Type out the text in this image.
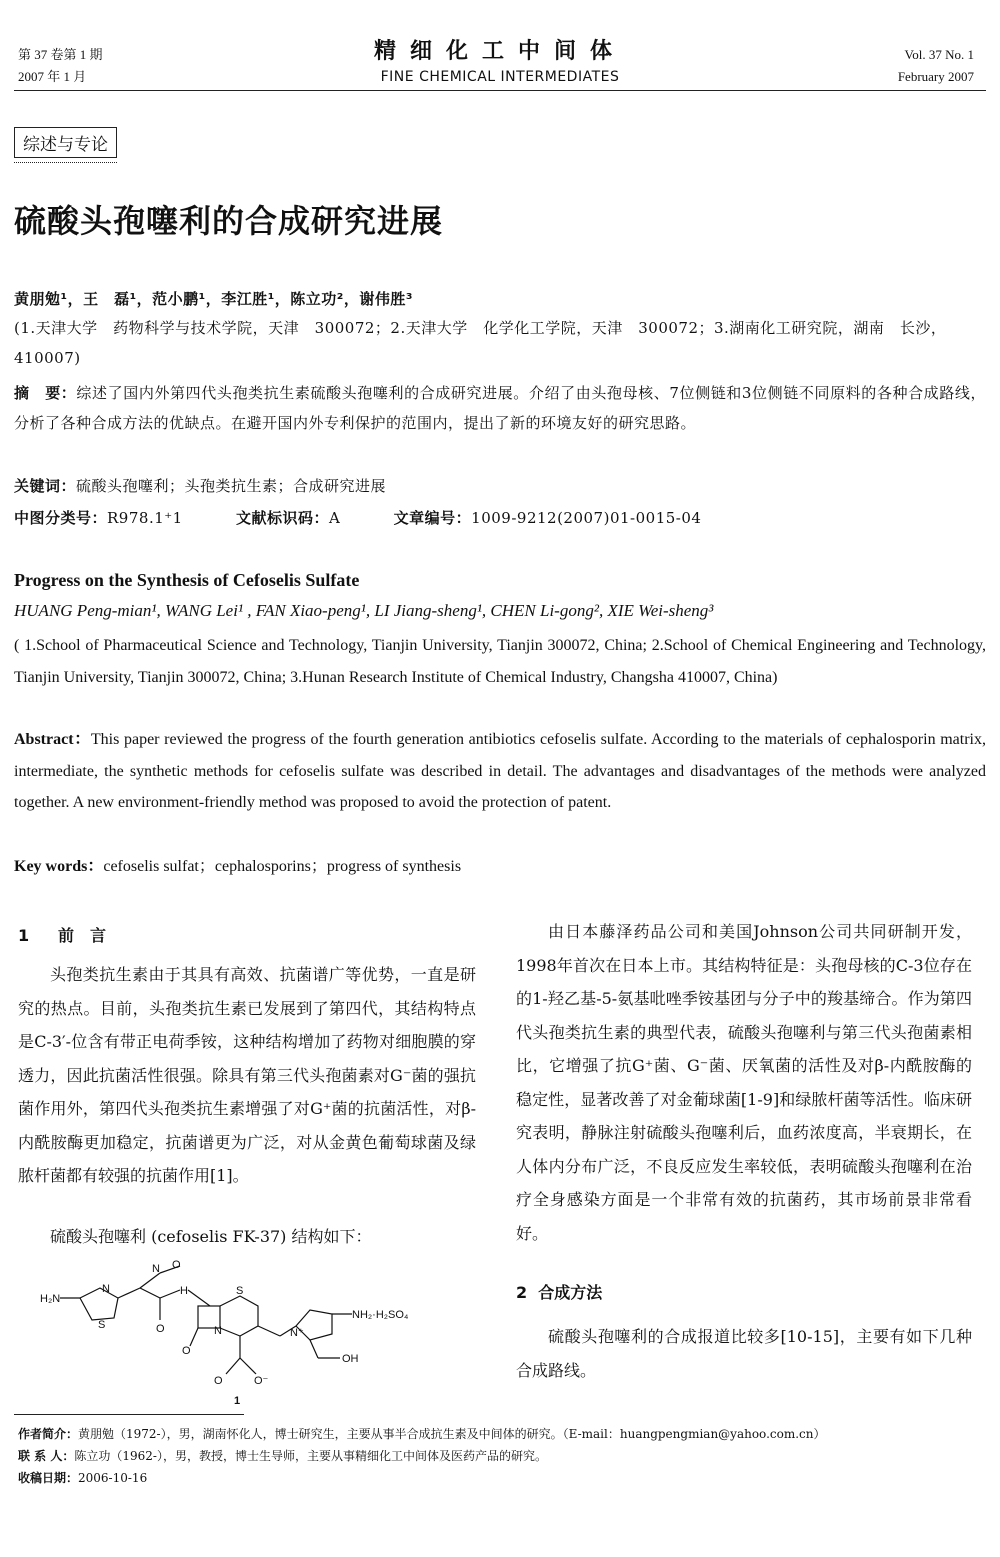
第 37 卷第 1 期
2007 年 1 月
精细化工中间体
FINE CHEMICAL INTERMEDIATES
Vol. 37 No. 1
February 2007
综述与专论
硫酸头孢噻利的合成研究进展
黄朋勉¹，王　磊¹，范小鹏¹，李江胜¹，陈立功²，谢伟胜³
(1.天津大学　药物科学与技术学院，天津　300072；2.天津大学　化学化工学院，天津　300072；3.湖南化工研究院，湖南　长沙，410007)
摘　要：综述了国内外第四代头孢类抗生素硫酸头孢噻利的合成研究进展。介绍了由头孢母核、7位侧链和3位侧链不同原料的各种合成路线，分析了各种合成方法的优缺点。在避开国内外专利保护的范围内，提出了新的环境友好的研究思路。
关键词：硫酸头孢噻利；头孢类抗生素；合成研究进展
中图分类号：R978.1⁺1	文献标识码：A	文章编号：1009-9212(2007)01-0015-04
Progress on the Synthesis of Cefoselis Sulfate
HUANG Peng-mian¹, WANG Lei¹ , FAN Xiao-peng¹, LI Jiang-sheng¹, CHEN Li-gong², XIE Wei-sheng³
( 1.School of Pharmaceutical Science and Technology, Tianjin University, Tianjin 300072, China; 2.School of Chemical Engineering and Technology, Tianjin University, Tianjin 300072, China; 3.Hunan Research Institute of Chemical Industry, Changsha 410007, China)
Abstract：This paper reviewed the progress of the fourth generation antibiotics cefoselis sulfate. According to the materials of cephalosporin matrix, intermediate, the synthetic methods for cefoselis sulfate was described in detail. The advantages and disadvantages of the methods were analyzed together. A new environment-friendly method was proposed to avoid the protection of patent.
Key words：cefoselis sulfat；cephalosporins；progress of synthesis
1 前　言
头孢类抗生素由于其具有高效、抗菌谱广等优势，一直是研究的热点。目前，头孢类抗生素已发展到了第四代，其结构特点是C-3′-位含有带正电荷季铵，这种结构增加了药物对细胞膜的穿透力，因此抗菌活性很强。除具有第三代头孢菌素对G⁻菌的强抗菌作用外，第四代头孢类抗生素增强了对G⁺菌的抗菌活性，对β-内酰胺酶更加稳定，抗菌谱更为广泛，对从金黄色葡萄球菌及绿脓杆菌都有较强的抗菌作用[1]。
硫酸头孢噻利 (cefoselis FK-37) 结构如下：
H₂N
N
S
N O
O
H	S
N
O
N⁺
NH₂·H₂SO₄
OH
O	O⁻
1
由日本藤泽药品公司和美国Johnson公司共同研制开发，1998年首次在日本上市。其结构特征是：头孢母核的C-3位存在的1-羟乙基-5-氨基吡唑季铵基团与分子中的羧基缔合。作为第四代头孢类抗生素的典型代表，硫酸头孢噻利与第三代头孢菌素相比，它增强了抗G⁺菌、G⁻菌、厌氧菌的活性及对β-内酰胺酶的稳定性，显著改善了对金葡球菌[1-9]和绿脓杆菌等活性。临床研究表明，静脉注射硫酸头孢噻利后，血药浓度高，半衰期长，在人体内分布广泛，不良反应发生率较低，表明硫酸头孢噻利在治疗全身感染方面是一个非常有效的抗菌药，其市场前景非常看好。
2 合成方法
硫酸头孢噻利的合成报道比较多[10-15]，主要有如下几种合成路线。
作者简介：黄朋勉（1972-），男，湖南怀化人，博士研究生，主要从事半合成抗生素及中间体的研究。（E-mail：huangpengmian@yahoo.com.cn）
联 系 人：陈立功（1962-），男，教授，博士生导师，主要从事精细化工中间体及医药产品的研究。
收稿日期：2006-10-16
